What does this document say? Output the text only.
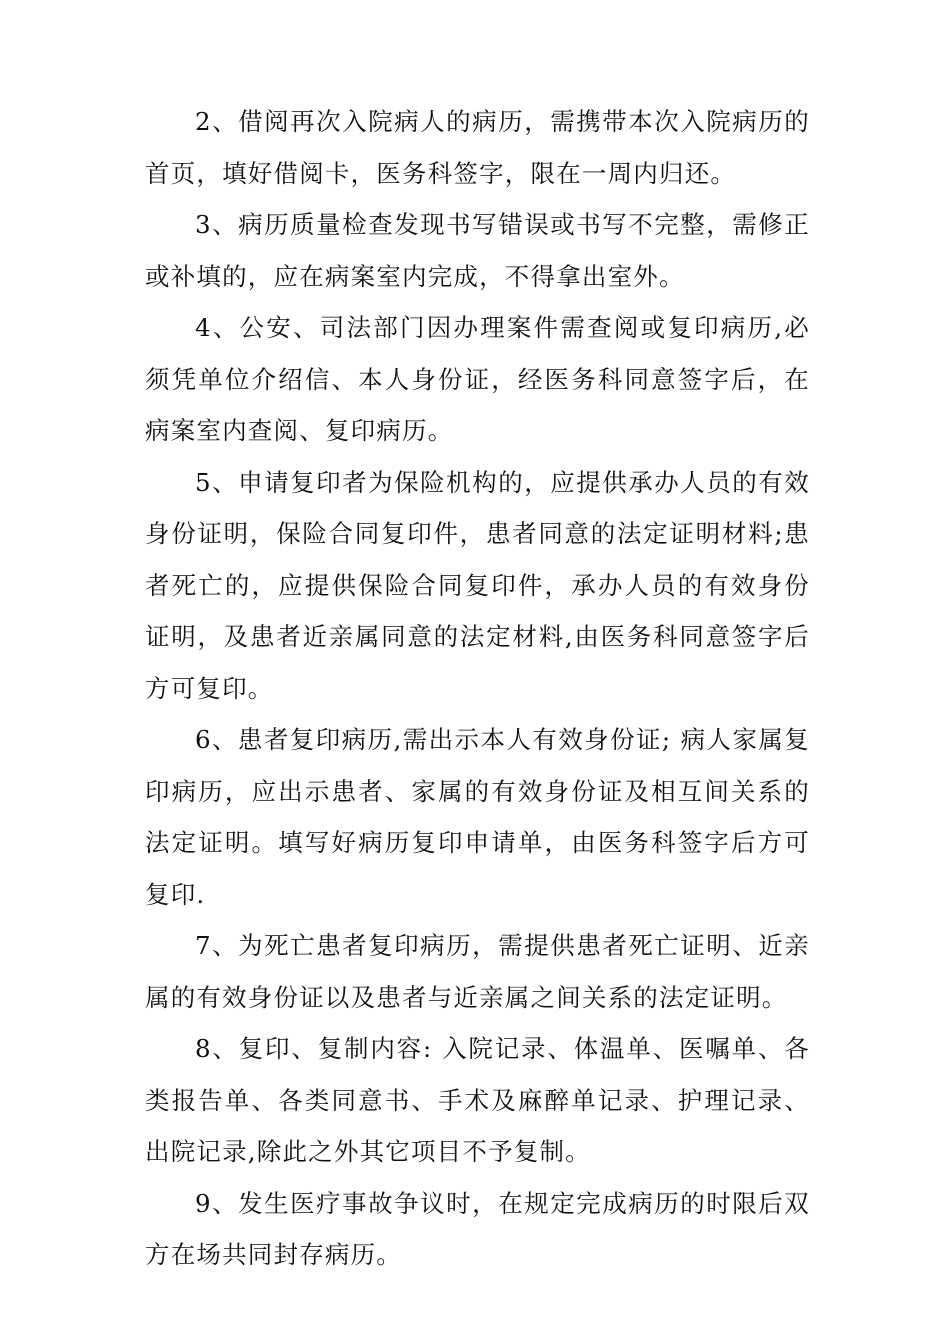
2、借阅再次入院病人的病历，需携带本次入院病历的首页，填好借阅卡，医务科签字，限在一周内归还。

3、病历质量检查发现书写错误或书写不完整，需修正或补填的，应在病案室内完成，不得拿出室外。

4、公安、司法部门因办理案件需查阅或复印病历,必须凭单位介绍信、本人身份证，经医务科同意签字后，在病案室内查阅、复印病历。

5、申请复印者为保险机构的，应提供承办人员的有效身份证明，保险合同复印件，患者同意的法定证明材料;患者死亡的，应提供保险合同复印件，承办人员的有效身份证明，及患者近亲属同意的法定材料,由医务科同意签字后方可复印。

6、患者复印病历,需出示本人有效身份证; 病人家属复印病历，应出示患者、家属的有效身份证及相互间关系的法定证明。填写好病历复印申请单，由医务科签字后方可复印.

7、为死亡患者复印病历，需提供患者死亡证明、近亲属的有效身份证以及患者与近亲属之间关系的法定证明。

8、复印、复制内容: 入院记录、体温单、医嘱单、各类报告单、各类同意书、手术及麻醉单记录、护理记录、出院记录,除此之外其它项目不予复制。

9、发生医疗事故争议时，在规定完成病历的时限后双方在场共同封存病历。
